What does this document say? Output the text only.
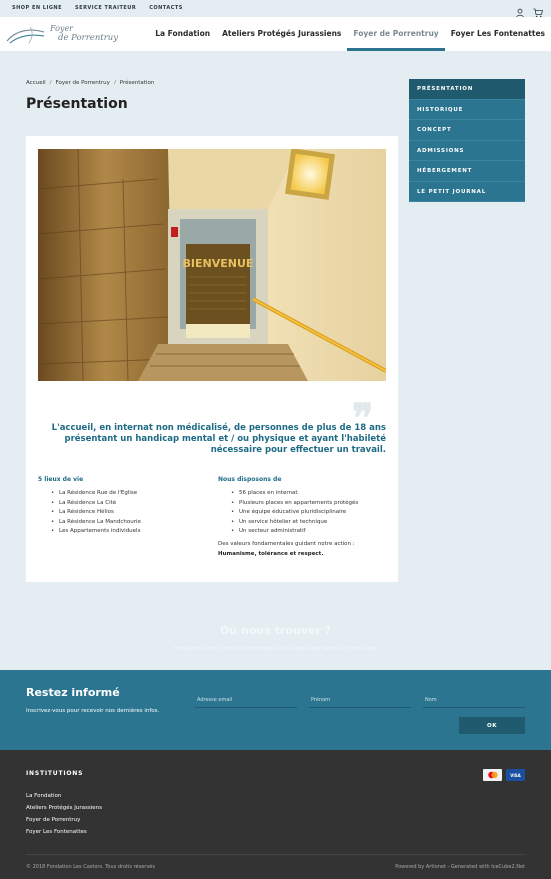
SHOP EN LIGNE	SERVICE TRAITEUR	CONTACTS
Foyer
de Porrentruy	La Fondation	Ateliers Protégés Jurassiens	Foyer de Porrentruy	Foyer Les Fontenattes
Accueil / Foyer de Porrentruy / Présentation
Présentation
PRÉSENTATION
HISTORIQUE
CONCEPT
ADMISSIONS
HÉBERGEMENT
LE PETIT JOURNAL
BIENVENUE
❞

L'accueil, en internat non médicalisé, de personnes de plus de 18 ans présentant un handicap mental et / ou physique et ayant l'habileté nécessaire pour effectuer un travail.

5 lieux de vie
• La Résidence Rue de l'Eglise
• La Résidence La Cité
• La Résidence Hélios
• La Résidence La Mandchourie
• Les Appartements individuels
Nous disposons de
• 56 places en internat
• Plusieurs places en appartements protégés
• Une équipe éducative pluridisciplinaire
• Un service hôtelier et technique
• Un secteur administratif

Des valeurs fondamentales guidant notre action : Humanisme, tolérance et respect.

Où nous trouver ?

Trouvez tous nos contacts et informations utiles pour vous rendre sur notre carte

Restez informé

Inscrivez-vous pour recevoir nos dernières infos.

Adresse email
Prénom
Nom
OK
INSTITUTIONS
La Fondation
Ateliers Protégés Jurassiens
Foyer de Porrentruy
Foyer Les Fontenattes
VISA

© 2018 Fondation Les Castors. Tous droits réservés	Powered by Artionet - Generated with IceCube2.Net
